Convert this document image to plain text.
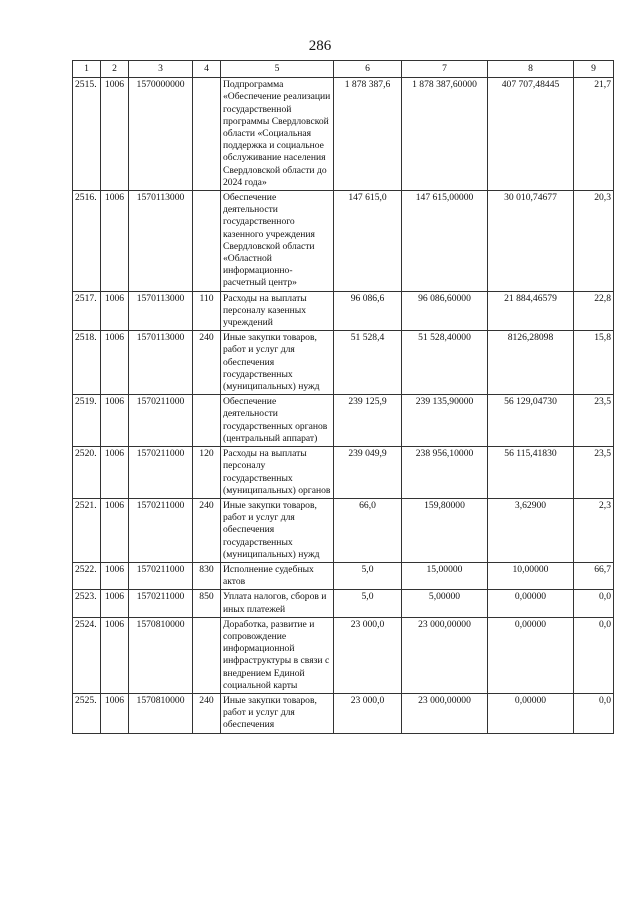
286
1	2	3	4	5	6	7	8	9
2515.	1006	1570000000		Подпрограмма «Обеспечение реализации государственной программы Свердловской области «Социальная поддержка и социальное обслуживание населения Свердловской области до 2024 года»	1 878 387,6	1 878 387,60000	407 707,48445	21,7
2516.	1006	1570113000		Обеспечение деятельности государственного казенного учреждения Свердловской области «Областной информационно-расчетный центр»	147 615,0	147 615,00000	30 010,74677	20,3
2517.	1006	1570113000	110	Расходы на выплаты персоналу казенных учреждений	96 086,6	96 086,60000	21 884,46579	22,8
2518.	1006	1570113000	240	Иные закупки товаров, работ и услуг для обеспечения государственных (муниципальных) нужд	51 528,4	51 528,40000	8126,28098	15,8
2519.	1006	1570211000		Обеспечение деятельности государственных органов (центральный аппарат)	239 125,9	239 135,90000	56 129,04730	23,5
2520.	1006	1570211000	120	Расходы на выплаты персоналу государственных (муниципальных) органов	239 049,9	238 956,10000	56 115,41830	23,5
2521.	1006	1570211000	240	Иные закупки товаров, работ и услуг для обеспечения государственных (муниципальных) нужд	66,0	159,80000	3,62900	2,3
2522.	1006	1570211000	830	Исполнение судебных актов	5,0	15,00000	10,00000	66,7
2523.	1006	1570211000	850	Уплата налогов, сборов и иных платежей	5,0	5,00000	0,00000	0,0
2524.	1006	1570810000		Доработка, развитие и сопровождение информационной инфраструктуры в связи с внедрением Единой социальной карты	23 000,0	23 000,00000	0,00000	0,0
2525.	1006	1570810000	240	Иные закупки товаров, работ и услуг для обеспечения	23 000,0	23 000,00000	0,00000	0,0
